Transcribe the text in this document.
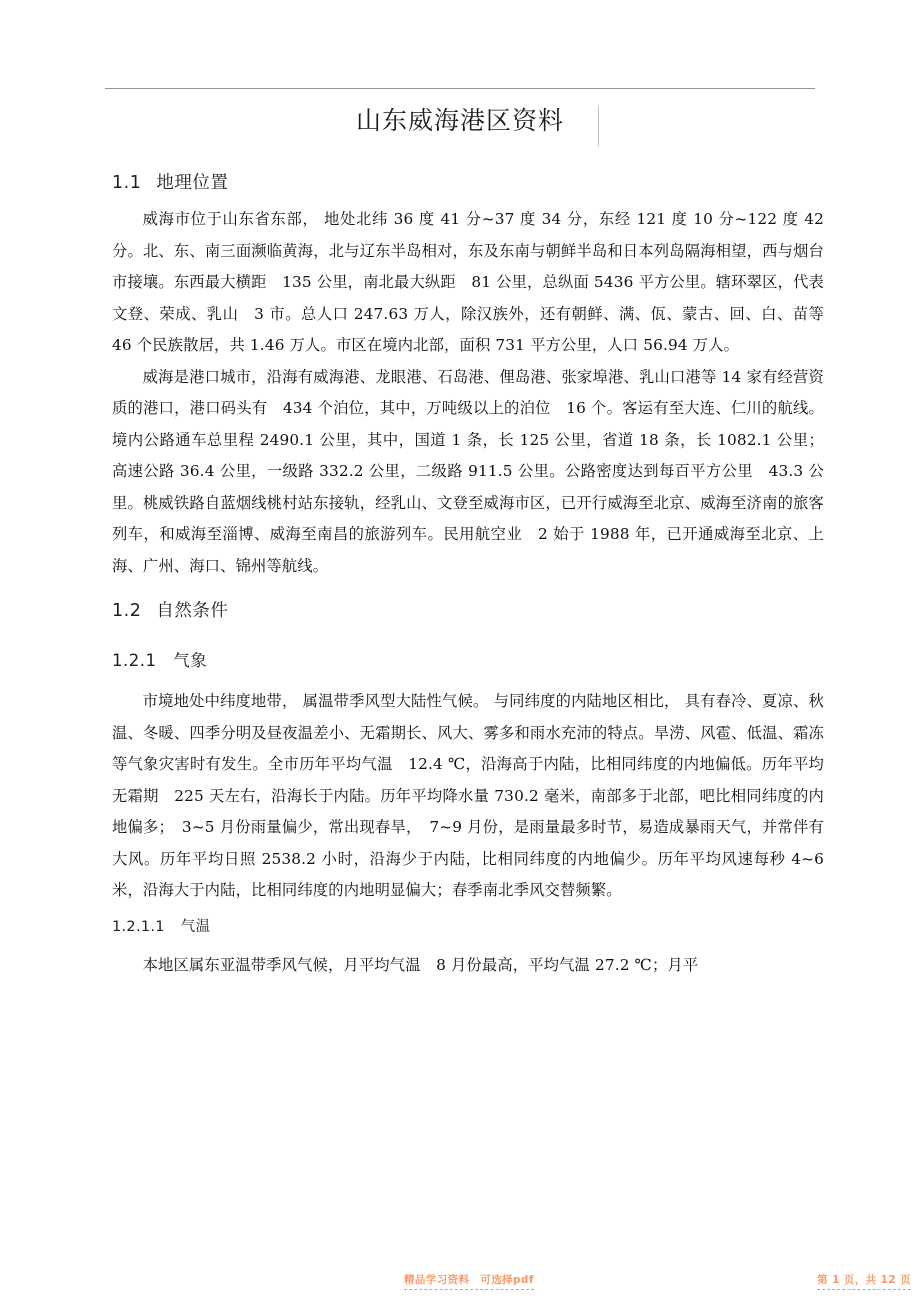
山东威海港区资料
1.1 地理位置

威海市位于山东省东部， 地处北纬 36 度 41 分~37 度 34 分，东经 121 度 10 分~122 度 42 分。北、东、南三面濒临黄海，北与辽东半岛相对，东及东南与朝鲜半岛和日本列岛隔海相望，西与烟台市接壤。东西最大横距　135 公里，南北最大纵距　81 公里，总纵面 5436 平方公里。辖环翠区，代表文登、荣成、乳山　3 市。总人口 247.63 万人，除汉族外，还有朝鲜、满、佤、蒙古、回、白、苗等　46 个民族散居，共 1.46 万人。市区在境内北部，面积 731 平方公里，人口 56.94 万人。

威海是港口城市，沿海有威海港、龙眼港、石岛港、俚岛港、张家埠港、乳山口港等 14 家有经营资质的港口，港口码头有　434 个泊位，其中，万吨级以上的泊位　16 个。客运有至大连、仁川的航线。境内公路通车总里程 2490.1 公里，其中，国道 1 条，长 125 公里，省道 18 条，长 1082.1 公里；高速公路 36.4 公里，一级路 332.2 公里，二级路 911.5 公里。公路密度达到每百平方公里　43.3 公里。桃威铁路自蓝烟线桃村站东接轨，经乳山、文登至威海市区，已开行威海至北京、威海至济南的旅客列车，和威海至淄博、威海至南昌的旅游列车。民用航空业　2 始于 1988 年，已开通威海至北京、上海、广州、海口、锦州等航线。

1.2 自然条件
1.2.1 气象

市境地处中纬度地带， 属温带季风型大陆性气候。 与同纬度的内陆地区相比， 具有春冷、夏凉、秋温、冬暖、四季分明及昼夜温差小、无霜期长、风大、雾多和雨水充沛的特点。旱涝、风雹、低温、霜冻等气象灾害时有发生。全市历年平均气温　12.4 ℃，沿海高于内陆，比相同纬度的内地偏低。历年平均无霜期　225 天左右，沿海长于内陆。历年平均降水量 730.2 毫米，南部多于北部，吧比相同纬度的内地偏多；　3~5 月份雨量偏少，常出现春旱，　7~9 月份，是雨量最多时节，易造成暴雨天气，并常伴有大风。历年平均日照 2538.2 小时，沿海少于内陆，比相同纬度的内地偏少。历年平均风速每秒 4~6 米，沿海大于内陆，比相同纬度的内地明显偏大；春季南北季风交替频繁。

1.2.1.1 气温

本地区属东亚温带季风气候，月平均气温　8 月份最高，平均气温 27.2 ℃；月平

精品学习资料　可选择pdf	第 1 页，共 12 页
